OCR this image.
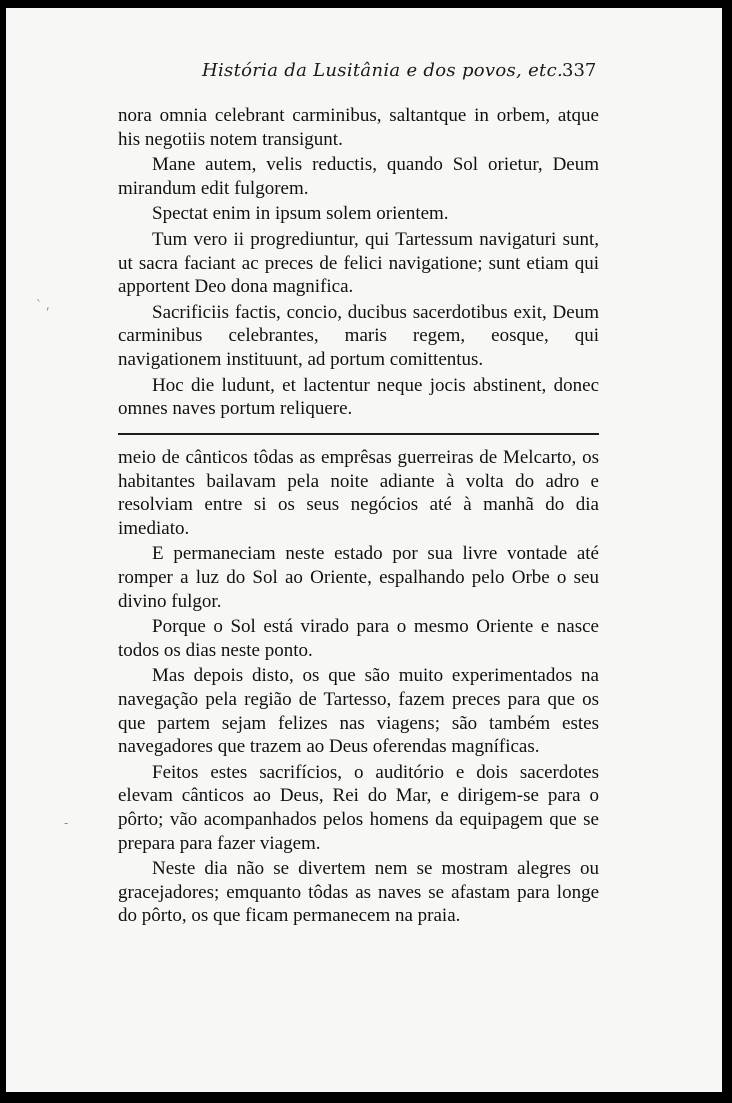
História da Lusitânia e dos povos, etc. 337

nora omnia celebrant carminibus, saltantque in orbem, atque his negotiis notem transigunt.

Mane autem, velis reductis, quando Sol orietur, Deum mirandum edit fulgorem.

Spectat enim in ipsum solem orientem.

Tum vero ii progrediuntur, qui Tartessum navigaturi sunt, ut sacra faciant ac preces de felici navigatione; sunt etiam qui apportent Deo dona magnifica.

Sacrificiis factis, concio, ducibus sacerdotibus exit, Deum carminibus celebrantes, maris regem, eosque, qui navigationem instituunt, ad portum comittentus.

Hoc die ludunt, et lactentur neque jocis abstinent, donec omnes naves portum reliquere.

meio de cânticos tôdas as emprêsas guerreiras de Melcarto, os habitantes bailavam pela noite adiante à volta do adro e resolviam entre si os seus negócios até à manhã do dia imediato.

E permaneciam neste estado por sua livre vontade até romper a luz do Sol ao Oriente, espalhando pelo Orbe o seu divino fulgor.

Porque o Sol está virado para o mesmo Oriente e nasce todos os dias neste ponto.

Mas depois disto, os que são muito experimentados na navegação pela região de Tartesso, fazem preces para que os que partem sejam felizes nas viagens; são também estes navegadores que trazem ao Deus oferendas magníficas.

Feitos estes sacrifícios, o auditório e dois sacerdotes elevam cânticos ao Deus, Rei do Mar, e dirigem-se para o pôrto; vão acompanhados pelos homens da equipagem que se prepara para fazer viagem.

Neste dia não se divertem nem se mostram alegres ou gracejadores; emquanto tôdas as naves se afastam para longe do pôrto, os que ficam permanecem na praia.

` ,
-
